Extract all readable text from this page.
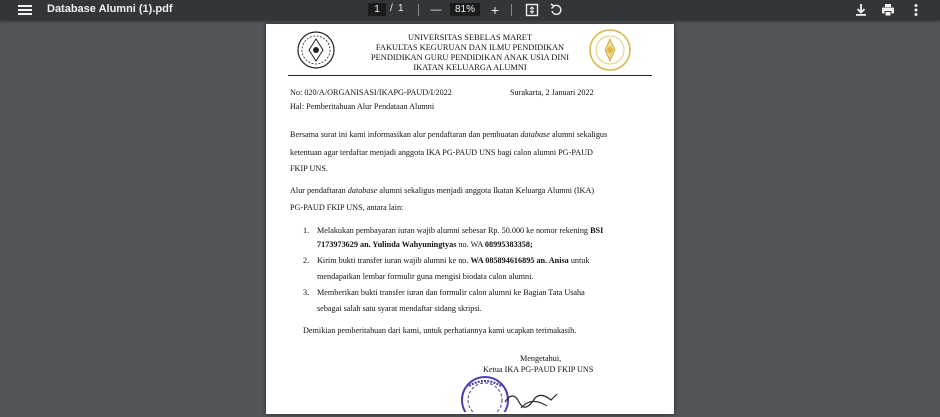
Database Alumni (1).pdf	1	/ 1 —	81%	+
UNIVERSITAS SEBELAS MARET
FAKULTAS KEGURUAN DAN ILMU PENDIDIKAN
PENDIDIKAN GURU PENDIDIKAN ANAK USIA DINI
IKATAN KELUARGA ALUMNI
No: 020/A/ORGANISASI/IKAPG-PAUD/I/2022	Surakarta, 2 Januari 2022
Hal: Pemberitahuan Alur Pendataan Alumni
Bersama surat ini kami informasikan alur pendaftaran dan pembuatan database alumni sekaligus
ketentuan agar terdaftar menjadi anggota IKA PG-PAUD UNS bagi calon alumni PG-PAUD
FKIP UNS.
Alur pendaftaran database alumni sekaligus menjadi anggota Ikatan Keluarga Alumni (IKA)
PG-PAUD FKIP UNS, antara lain:
1. Melakukan pembayaran iuran wajib alumni sebesar Rp. 50.000 ke nomor rekening BSI
7173973629 an. Yulinda Wahyuningtyas no. WA 08995383358;
2. Kirim bukti transfer iuran wajib alumni ke no. WA 085894616895 an. Anisa untuk
mendapatkan lembar formulir guna mengisi biodata calon alumni.
3. Memberikan bukti transfer iuran dan formulir calon alumni ke Bagian Tata Usaha
sebagai salah satu syarat mendaftar sidang skripsi.
Demikian pemberitahuan dari kami, untuk perhatiannya kami ucapkan terimakasih.
Mengetahui,
Ketua IKA PG-PAUD FKIP UNS
